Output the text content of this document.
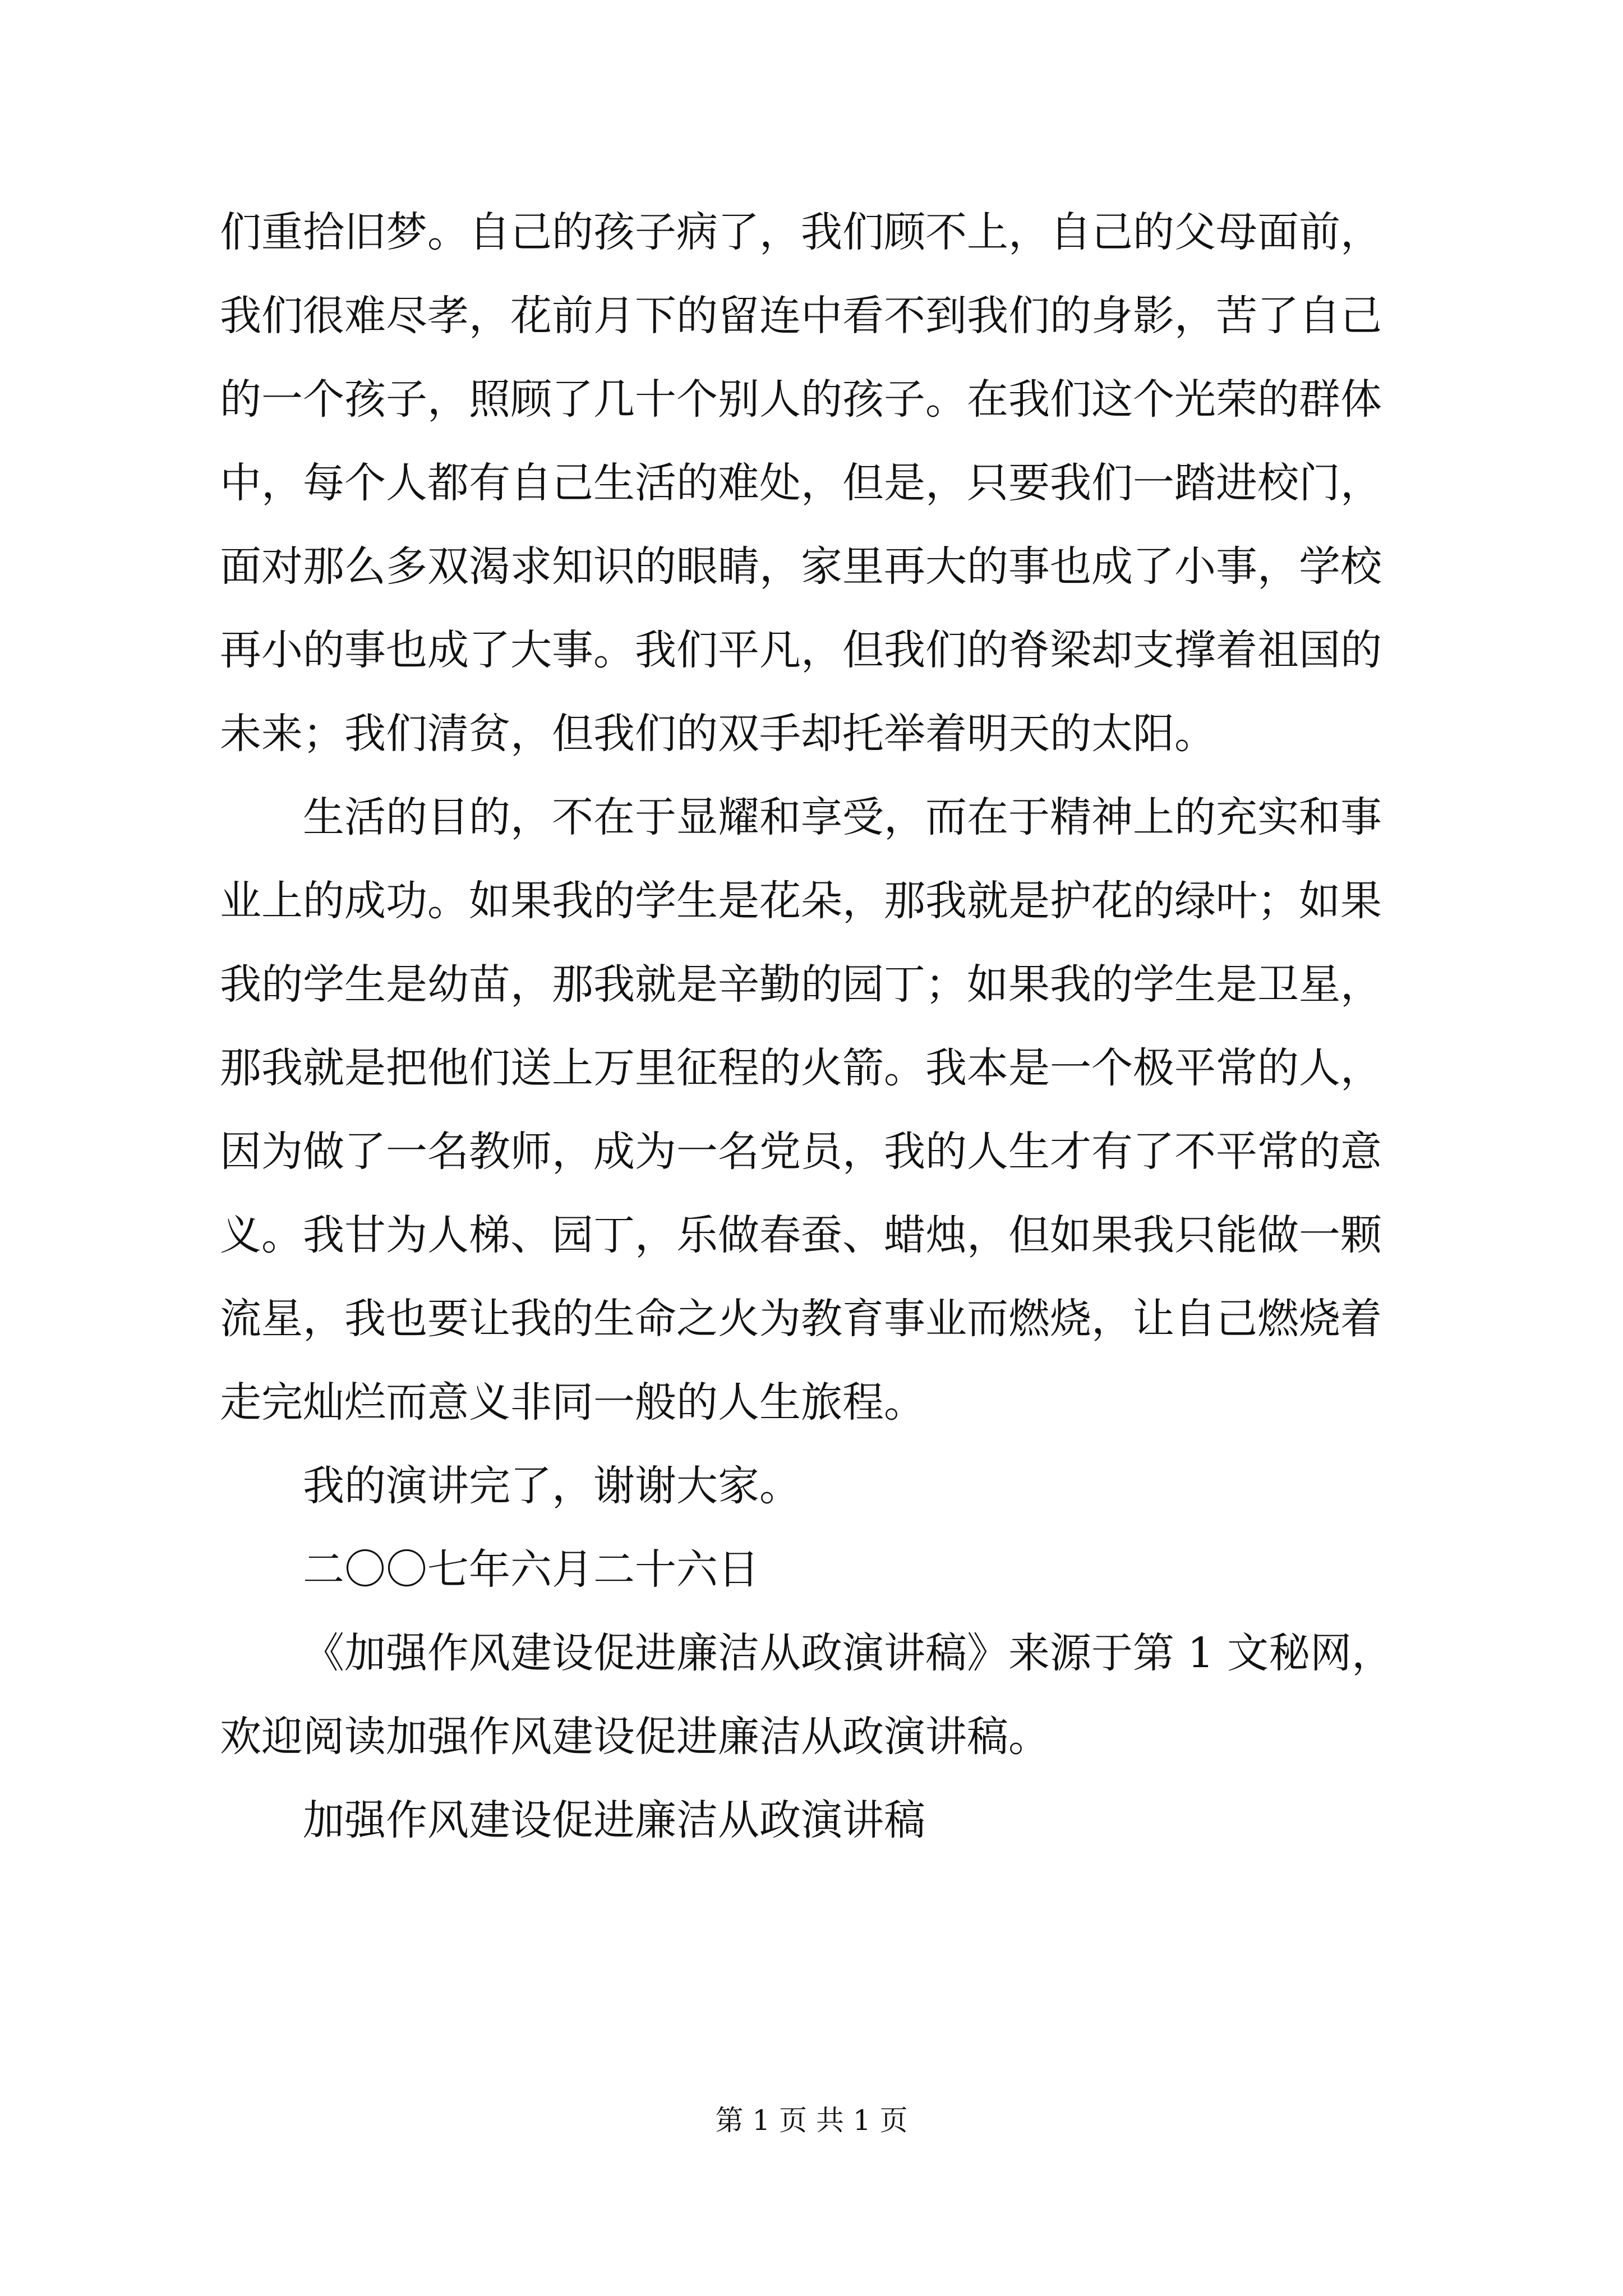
们重拾旧梦。自己的孩子病了，我们顾不上，自己的父母面前，
我们很难尽孝，花前月下的留连中看不到我们的身影，苦了自己
的一个孩子，照顾了几十个别人的孩子。在我们这个光荣的群体
中，每个人都有自己生活的难处，但是，只要我们一踏进校门，
面对那么多双渴求知识的眼睛，家里再大的事也成了小事，学校
再小的事也成了大事。我们平凡，但我们的脊梁却支撑着祖国的
未来；我们清贫，但我们的双手却托举着明天的太阳。
生活的目的，不在于显耀和享受，而在于精神上的充实和事
业上的成功。如果我的学生是花朵，那我就是护花的绿叶；如果
我的学生是幼苗，那我就是辛勤的园丁；如果我的学生是卫星，
那我就是把他们送上万里征程的火箭。我本是一个极平常的人，
因为做了一名教师，成为一名党员，我的人生才有了不平常的意
义。我甘为人梯、园丁，乐做春蚕、蜡烛，但如果我只能做一颗
流星，我也要让我的生命之火为教育事业而燃烧，让自己燃烧着
走完灿烂而意义非同一般的人生旅程。
我的演讲完了，谢谢大家。
二〇〇七年六月二十六日
《加强作风建设促进廉洁从政演讲稿》来源于第 1 文秘网，
欢迎阅读加强作风建设促进廉洁从政演讲稿。
加强作风建设促进廉洁从政演讲稿
第 1 页 共 1 页
